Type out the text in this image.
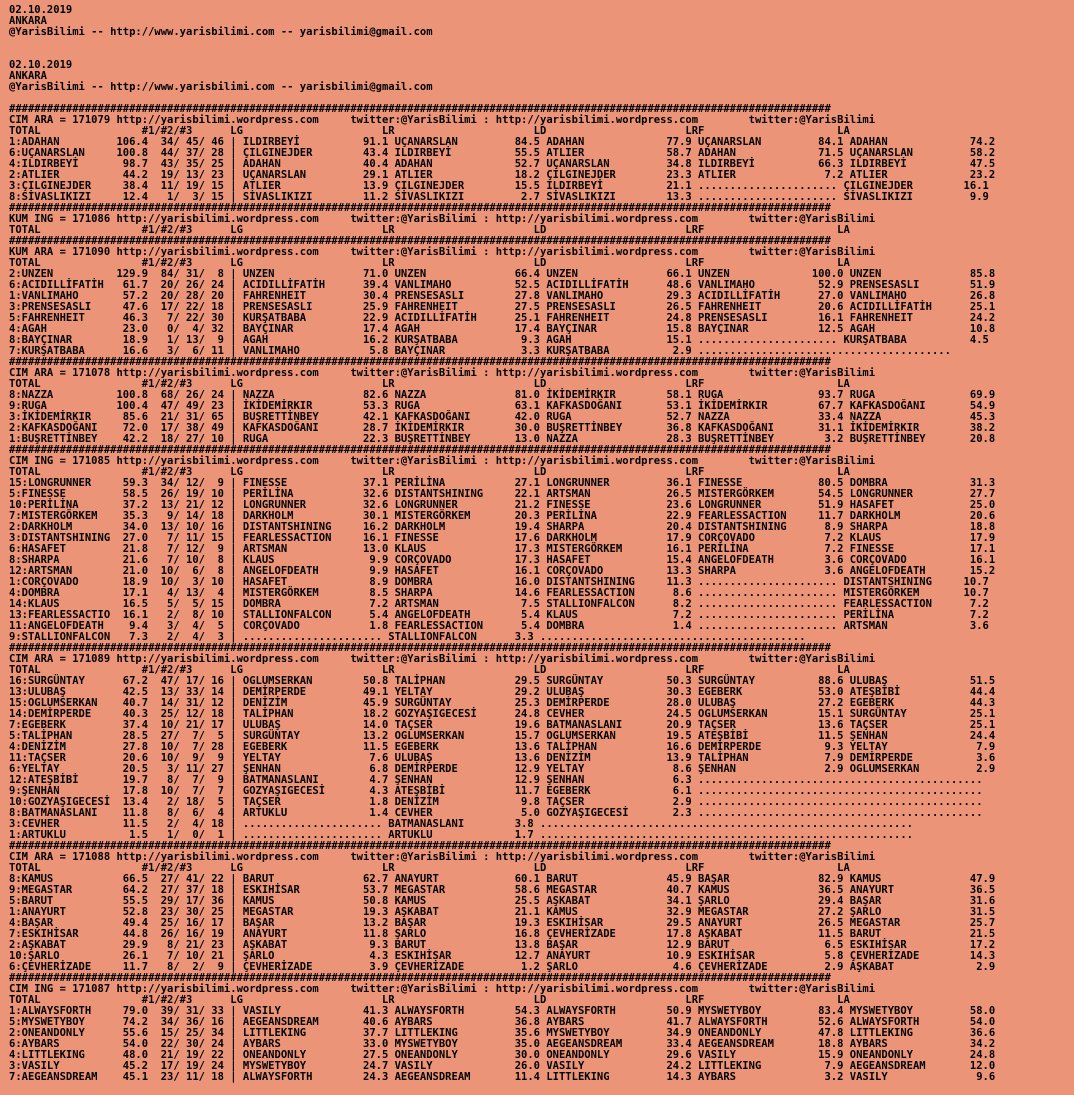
02.10.2019
ANKARA
@YarisBilimi -- http://www.yarisbilimi.com -- yarisbilimi@gmail.com
02.10.2019
ANKARA
@YarisBilimi -- http://www.yarisbilimi.com -- yarisbilimi@gmail.com
##################################################################################################################################
CIM ARA = 171079 http://yarisbilimi.wordpress.com     twitter:@YarisBilimi : http://yarisbilimi.wordpress.com        twitter:@YarisBilimi
TOTAL                #1/#2/#3      LG                      LR                      LD                      LRF                     LA
1:ADAHAN         106.4  34/ 45/ 46 | ILDIRBEYİ          91.1 UÇANARSLAN         84.5 ADAHAN             77.9 UÇANARSLAN         84.1 ADAHAN             74.2
6:UÇANARSLAN     100.8  44/ 37/ 28 | ÇILGINEJDER        43.4 ILDIRBEYİ          55.5 ATLIER             58.7 ADAHAN             71.5 UÇANARSLAN         58.2
4:ILDIRBEYİ       98.7  43/ 35/ 25 | ADAHAN             40.4 ADAHAN             52.7 UÇANARSLAN         34.8 ILDIRBEYİ          66.3 ILDIRBEYİ          47.5
2:ATLIER          44.2  19/ 13/ 23 | UÇANARSLAN         29.1 ATLIER             18.2 ÇILGINEJDER        23.3 ATLIER              7.2 ATLIER             23.2
3:ÇILGINEJDER     38.4  11/ 19/ 15 | ATLIER             13.9 ÇILGINEJDER        15.5 ILDIRBEYİ          21.1 ...................... ÇILGINEJDER        16.1
8:SİVASLIKIZI     12.4   1/  3/ 15 | SİVASLIKIZI        11.2 SİVASLIKIZI         2.7 SİVASLIKIZI        13.3 ...................... SİVASLIKIZI         9.9
##################################################################################################################################
KUM ING = 171086 http://yarisbilimi.wordpress.com     twitter:@YarisBilimi : http://yarisbilimi.wordpress.com        twitter:@YarisBilimi
TOTAL                #1/#2/#3      LG                      LR                      LD                      LRF                     LA
##################################################################################################################################
KUM ARA = 171090 http://yarisbilimi.wordpress.com     twitter:@YarisBilimi : http://yarisbilimi.wordpress.com        twitter:@YarisBilimi
TOTAL                #1/#2/#3      LG                      LR                      LD                      LRF                     LA
2:UNZEN          129.9  84/ 31/  8 | UNZEN              71.0 UNZEN              66.4 UNZEN              66.1 UNZEN             100.0 UNZEN              85.8
6:ACIDILLİFATİH   61.7  20/ 26/ 24 | ACIDILLİFATİH      39.4 VANLIMAHO          52.5 ACIDILLİFATİH      48.6 VANLIMAHO          52.9 PRENSESASLI        51.9
1:VANLIMAHO       57.2  20/ 28/ 20 | FAHRENHEIT         30.4 PRENSESASLI        27.8 VANLIMAHO          29.3 ACIDILLİFATİH      27.0 VANLIMAHO          26.8
3:PRENSESASLI     47.6  17/ 22/ 18 | PRENSESASLI        25.9 FAHRENHEIT         27.5 PRENSESASLI        26.5 FAHRENHEIT         20.6 ACIDILLİFATİH      25.1
5:FAHRENHEIT      46.3   7/ 22/ 30 | KURŞATBABA         22.9 ACIDILLİFATİH      25.1 FAHRENHEIT         24.8 PRENSESASLI        16.1 FAHRENHEIT         24.2
4:AGAH            23.0   0/  4/ 32 | BAYÇINAR           17.4 AGAH               17.4 BAYÇINAR           15.8 BAYÇINAR           12.5 AGAH               10.8
8:BAYÇINAR        18.9   1/ 13/  9 | AGAH               16.2 KURŞATBABA          9.3 AGAH               15.1 ...................... KURŞATBABA          4.5
7:KURŞATBABA      16.6   3/  6/ 11 | VANLIMAHO           5.8 BAYÇINAR            3.3 KURŞATBABA          2.9 ........................................
##################################################################################################################################
CIM ARA = 171078 http://yarisbilimi.wordpress.com     twitter:@YarisBilimi : http://yarisbilimi.wordpress.com        twitter:@YarisBilimi
TOTAL                #1/#2/#3      LG                      LR                      LD                      LRF                     LA
8:NAZZA          100.8  68/ 26/ 24 | NAZZA              82.6 NAZZA              81.0 İKİDEMİRKIR        58.1 RUGA               93.7 RUGA               69.9
9:RUGA           100.4  47/ 49/ 23 | İKİDEMİRKIR        53.3 RUGA               63.1 KAFKASDOĞANI       53.1 İKİDEMİRKIR        67.7 KAFKASDOĞANI       54.9
3:İKİDEMİRKIR     85.6  21/ 31/ 65 | BUŞRETTİNBEY       42.1 KAFKASDOĞANI       42.0 RUGA               52.7 NAZZA              33.4 NAZZA              45.3
2:KAFKASDOĞANI    72.0  17/ 38/ 49 | KAFKASDOĞANI       28.7 İKİDEMİRKIR        30.0 BUŞRETTİNBEY       36.8 KAFKASDOĞANI       31.1 İKİDEMİRKIR        38.2
1:BUŞRETTİNBEY    42.2  18/ 27/ 10 | RUGA               22.3 BUŞRETTİNBEY       13.0 NAZZA              28.3 BUŞRETTİNBEY        3.2 BUŞRETTİNBEY       20.8
##################################################################################################################################
CIM ING = 171085 http://yarisbilimi.wordpress.com     twitter:@YarisBilimi : http://yarisbilimi.wordpress.com        twitter:@YarisBilimi
TOTAL                #1/#2/#3      LG                      LR                      LD                      LRF                     LA
15:LONGRUNNER     59.3  34/ 12/  9 | FINESSE            37.1 PERİLİNA           27.1 LONGRUNNER         36.1 FINESSE            80.5 DOMBRA             31.3
5:FINESSE         58.5  26/ 19/ 10 | PERİLİNA           32.6 DISTANTSHINING     22.1 ARTSMAN            26.5 MISTERGÖRKEM       54.5 LONGRUNNER         27.7
10:PERİLİNA       37.2  13/ 21/ 12 | LONGRUNNER         32.6 LONGRUNNER         21.2 FINESSE            23.6 LONGRUNNER         51.9 HASAFET            25.0
7:MISTERGÖRKEM    35.3   9/ 14/ 18 | DARKHOLM           30.1 MISTERGÖRKEM       20.3 PERİLİNA           22.9 FEARLESSACTION     11.7 DARKHOLM           20.6
2:DARKHOLM        34.0  13/ 10/ 16 | DISTANTSHINING     16.2 DARKHOLM           19.4 SHARPA             20.4 DISTANTSHINING      8.9 SHARPA             18.8
3:DISTANTSHINING  27.0   7/ 11/ 15 | FEARLESSACTION     16.1 FINESSE            17.6 DARKHOLM           17.9 CORÇOVADO           7.2 KLAUS              17.9
6:HASAFET         21.8   7/ 12/  9 | ARTSMAN            13.0 KLAUS              17.3 MISTERGÖRKEM       16.1 PERİLİNA            7.2 FINESSE            17.1
8:SHARPA          21.6   7/ 10/  8 | KLAUS               9.9 CORÇOVADO          17.3 HASAFET            15.4 ANGELOFDEATH        3.6 CORÇOVADO          16.1
12:ARTSMAN        21.0  10/  6/  8 | ANGELOFDEATH        9.9 HASAFET            16.1 CORÇOVADO          13.3 SHARPA              3.6 ANGELOFDEATH       15.2
1:CORÇOVADO       18.9  10/  3/ 10 | HASAFET             8.9 DOMBRA             16.0 DISTANTSHINING     11.3 ...................... DISTANTSHINING     10.7
4:DOMBRA          17.1   4/ 13/  4 | MISTERGÖRKEM        8.5 SHARPA             14.6 FEARLESSACTION      8.6 ...................... MISTERGÖRKEM       10.7
14:KLAUS          16.5   5/  5/ 15 | DOMBRA              7.2 ARTSMAN             7.5 STALLIONFALCON      8.2 ...................... FEARLESSACTION      7.2
13:FEARLESSACTIO  16.1   2/  8/ 10 | STALLIONFALCON      5.4 ANGELOFDEATH        5.4 KLAUS               7.2 ...................... PERİLİNA            7.2
11:ANGELOFDEATH    9.4   3/  4/  5 | CORÇOVADO           1.8 FEARLESSACTION      5.4 DOMBRA              1.4 ...................... ARTSMAN             3.6
9:STALLIONFALCON   7.3   2/  4/  3 | ...................... STALLIONFALCON      3.3 ..........................................
##################################################################################################################################
CIM ARA = 171089 http://yarisbilimi.wordpress.com     twitter:@YarisBilimi : http://yarisbilimi.wordpress.com        twitter:@YarisBilimi
TOTAL                #1/#2/#3      LG                      LR                      LD                      LRF                     LA
16:SURGÜNTAY      67.2  47/ 17/ 16 | OGLUMSERKAN        50.8 TALİPHAN           29.5 SURGÜNTAY          50.3 SURGÜNTAY          88.6 ULUBAŞ             51.5
13:ULUBAŞ         42.5  13/ 33/ 14 | DEMİRPERDE         49.1 YELTAY             29.2 ULUBAŞ             30.3 EGEBERK            53.0 ATEŞBİBİ           44.4
15:OGLUMSERKAN    40.7  14/ 31/ 12 | DENİZİM            45.9 SURGÜNTAY          25.3 DEMİRPERDE         28.0 ULUBAŞ             27.2 EGEBERK            44.3
14:DEMİRPERDE     40.3  25/ 12/ 18 | TALİPHAN           18.2 GOZYAŞIGECESİ      24.8 CEVHER             24.5 OGLUMSERKAN        15.1 SURGÜNTAY          25.1
7:EGEBERK         37.4  10/ 21/ 17 | ULUBAŞ             14.0 TAÇSER             19.6 BATMANASLANI       20.9 TAÇSER             13.6 TAÇSER             25.1
5:TALİPHAN        28.5  27/  7/  5 | SURGÜNTAY          13.2 OGLUMSERKAN        15.7 OGLUMSERKAN        19.5 ATEŞBİBİ           11.5 ŞENHAN             24.4
4:DENİZİM         27.8  10/  7/ 28 | EGEBERK            11.5 EGEBERK            13.6 TALİPHAN           16.6 DEMİRPERDE          9.3 YELTAY              7.9
11:TAÇSER         20.6  10/  9/  9 | YELTAY              7.6 ULUBAŞ             13.6 DENİZİM            13.9 TALİPHAN            7.9 DEMİRPERDE          3.6
6:YELTAY          20.5   3/ 11/ 27 | ŞENHAN              6.8 DEMİRPERDE         12.9 YELTAY              8.6 ŞENHAN              2.9 OGLUMSERKAN         2.9
12:ATEŞBİBİ       19.7   8/  7/  9 | BATMANASLANI        4.7 ŞENHAN             12.9 ŞENHAN              6.3 .............................................
9:ŞENHAN          17.8  10/  7/  7 | GOZYAŞIGECESİ       4.3 ATEŞBİBİ           11.7 EGEBERK             6.1 .............................................
10:GOZYAŞIGECESİ  13.4   2/ 18/  5 | TAÇSER              1.8 DENİZİM             9.8 TAÇSER              2.9 .............................................
8:BATMANASLANI    11.8   8/  6/  4 | ARTUKLU             1.4 CEVHER              5.0 GOZYAŞIGECESİ       2.3 .............................................
3:CEVHER          11.5   2/  4/ 18 | ...................... BATMANASLANI        3.8 ...........................................................
1:ARTUKLU          1.5   1/  0/  1 | ...................... ARTUKLU             1.7 ...........................................................
##################################################################################################################################
CIM ARA = 171088 http://yarisbilimi.wordpress.com     twitter:@YarisBilimi : http://yarisbilimi.wordpress.com        twitter:@YarisBilimi
TOTAL                #1/#2/#3      LG                      LR                      LD                      LRF                     LA
8:KAMUS           66.5  27/ 41/ 22 | BARUT              62.7 ANAYURT            60.1 BARUT              45.9 BAŞAR              82.9 KAMUS              47.9
9:MEGASTAR        64.2  27/ 37/ 18 | ESKIHİSAR          53.7 MEGASTAR           58.6 MEGASTAR           40.7 KAMUS              36.5 ANAYURT            36.5
5:BARUT           55.5  29/ 17/ 36 | KAMUS              50.8 KAMUS              25.5 AŞKABAT            34.1 ŞARLO              29.4 BAŞAR              31.6
1:ANAYURT         52.8  23/ 30/ 25 | MEGASTAR           19.3 AŞKABAT            21.1 KAMUS              32.9 MEGASTAR           27.2 ŞARLO              31.5
4:BAŞAR           49.4  25/ 16/ 17 | BAŞAR              13.2 BAŞAR              19.3 ESKIHİSAR          29.5 ANAYURT            26.5 MEGASTAR           25.7
7:ESKIHİSAR       44.8  26/ 16/ 19 | ANAYURT            11.8 ŞARLO              16.8 ÇEVHERİZADE        17.8 AŞKABAT            11.5 BARUT              21.5
2:AŞKABAT         29.9   8/ 21/ 23 | AŞKABAT             9.3 BARUT              13.8 BAŞAR              12.9 BARUT               6.5 ESKIHİSAR          17.2
10:ŞARLO          26.1   7/ 10/ 21 | ŞARLO               4.3 ESKIHİSAR          12.7 ANAYURT            10.9 ESKIHİSAR           5.8 ÇEVHERİZADE        14.3
6:ÇEVHERİZADE     11.7   8/  2/  9 | ÇEVHERİZADE         3.9 ÇEVHERİZADE         1.2 ŞARLO               4.6 ÇEVHERİZADE         2.9 AŞKABAT             2.9
##################################################################################################################################
CIM ING = 171087 http://yarisbilimi.wordpress.com     twitter:@YarisBilimi : http://yarisbilimi.wordpress.com        twitter:@YarisBilimi
TOTAL                #1/#2/#3      LG                      LR                      LD                      LRF                     LA
1:ALWAYSFORTH     79.0  39/ 31/ 33 | VASILY             41.3 ALWAYSFORTH        54.3 ALWAYSFORTH        50.9 MYSWETYBOY         83.4 MYSWETYBOY         58.0
5:MYSWETYBOY      74.2  34/ 36/ 16 | AEGEANSDREAM       40.6 AYBARS             36.8 AYBARS             41.7 ALWAYSFORTH        52.6 ALWAYSFORTH        54.0
2:ONEANDONLY      55.6  15/ 25/ 34 | LITTLEKING         37.7 LITTLEKING         35.6 MYSWETYBOY         34.9 ONEANDONLY         47.8 LITTLEKING         36.6
6:AYBARS          54.0  22/ 30/ 24 | AYBARS             33.0 MYSWETYBOY         35.0 AEGEANSDREAM       33.4 AEGEANSDREAM       18.8 AYBARS             34.2
4:LITTLEKING      48.0  21/ 19/ 22 | ONEANDONLY         27.5 ONEANDONLY         30.0 ONEANDONLY         29.6 VASILY             15.9 ONEANDONLY         24.8
3:VASILY          45.2  17/ 19/ 24 | MYSWETYBOY         24.7 VASILY             26.0 VASILY             24.2 LITTLEKING          7.9 AEGEANSDREAM       12.0
7:AEGEANSDREAM    45.1  23/ 11/ 18 | ALWAYSFORTH        24.3 AEGEANSDREAM       11.4 LITTLEKING         14.3 AYBARS              3.2 VASILY              9.6
